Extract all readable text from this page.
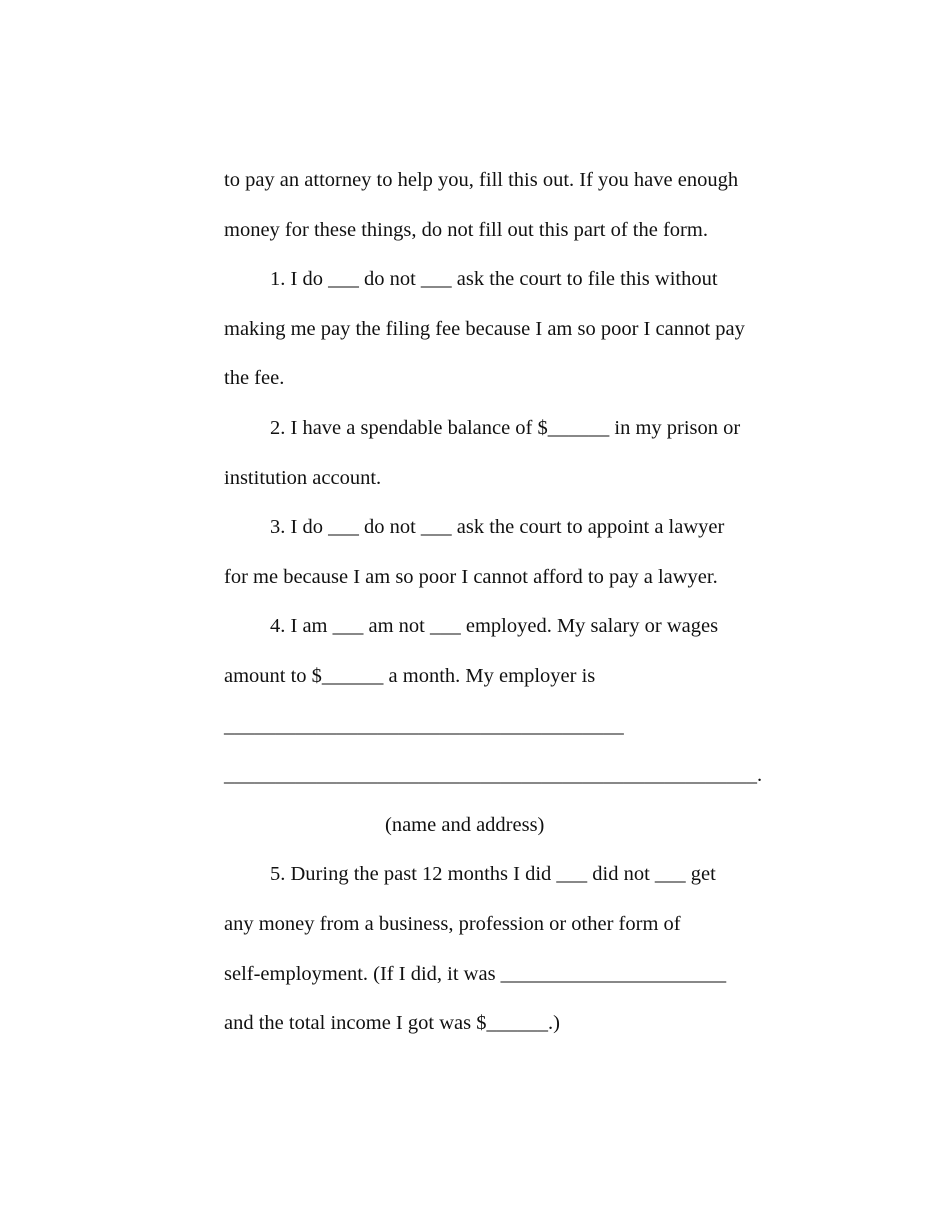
to pay an attorney to help you, fill this out. If you have enough
money for these things, do not fill out this part of the form.
1. I do ___ do not ___ ask the court to file this without
making me pay the filing fee because I am so poor I cannot pay
the fee.
2. I have a spendable balance of $______ in my prison or
institution account.
3. I do ___ do not ___ ask the court to appoint a lawyer
for me because I am so poor I cannot afford to pay a lawyer.
4. I am ___ am not ___ employed. My salary or wages
amount to $______ a month. My employer is
_______________________________________
____________________________________________________.
(name and address)
5. During the past 12 months I did ___ did not ___ get
any money from a business, profession or other form of
self-employment. (If I did, it was ______________________
and the total income I got was $______.)
